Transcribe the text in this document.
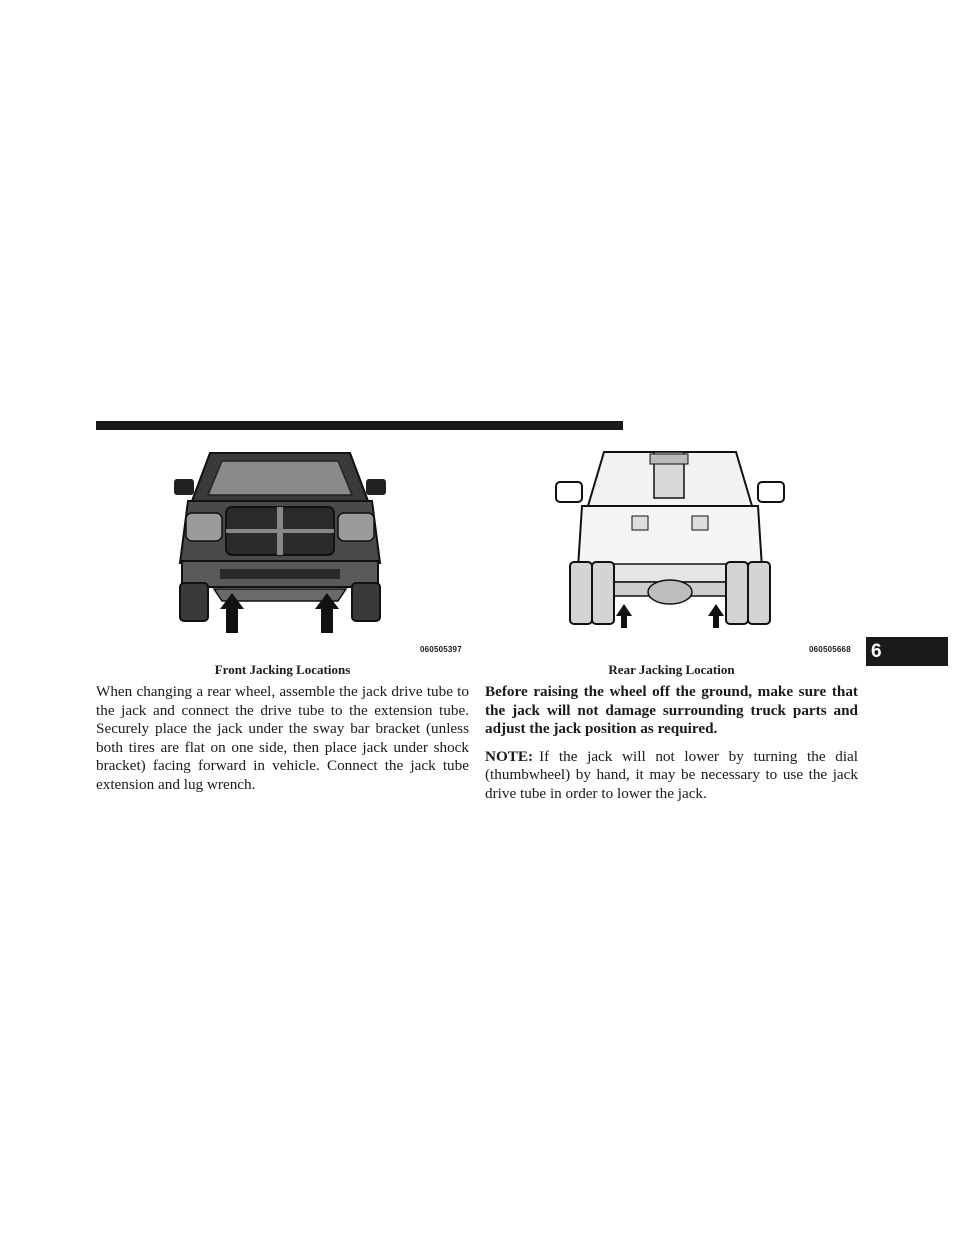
060505397	060505668
Front Jacking Locations	Rear Jacking Location

When changing a rear wheel, assemble the jack drive tube to the jack and connect the drive tube to the extension tube. Securely place the jack under the sway bar bracket (unless both tires are flat on one side, then place jack under shock bracket) facing forward in vehicle. Connect the jack tube extension and lug wrench.

Before raising the wheel off the ground, make sure that the jack will not damage surrounding truck parts and adjust the jack position as required.

NOTE: If the jack will not lower by turning the dial (thumbwheel) by hand, it may be necessary to use the jack drive tube in order to lower the jack.

6
